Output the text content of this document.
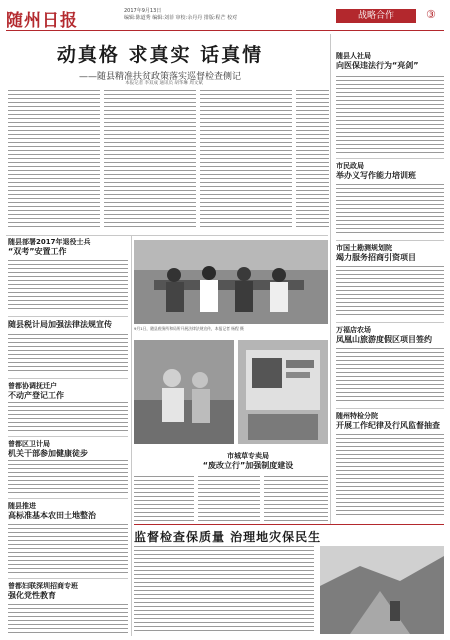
随州日报	2017年9月13日
编辑:陈道秀 编辑:刘菲 审校:余丹丹 排版:程芒 校对	战略合作	③
动真格 求真实 话真情
——随县精准扶贫政策落实巡督检查侧记
本报记者 李双成 通讯员 胡华琳 周文斌
随县人社局
向医保违法行为“亮剑”
市民政局
举办义写作能力培训班
市国土勘测规划院
竭力服务招商引资项目
万福店农场
凤凰山旅游度假区项目签约
随州特检分院
开展工作纪律及行风监督抽查
随县部署2017年退役士兵
“双考”安置工作
随县税计局加强法律法规宣传
曾都协调抚迁户
不动产登记工作
曾都区卫计局
机关干部参加健康徒步
随县推进
高标准基本农田土地整治
曾都妇联深圳招商专班
强化党性教育
9月1日，随县税务所和局所开展法律法规宣传，本报记者 杨程 摄
市城草专卖局
“废改立行”加强制度建设
监督检查保质量 治理地灾保民生
